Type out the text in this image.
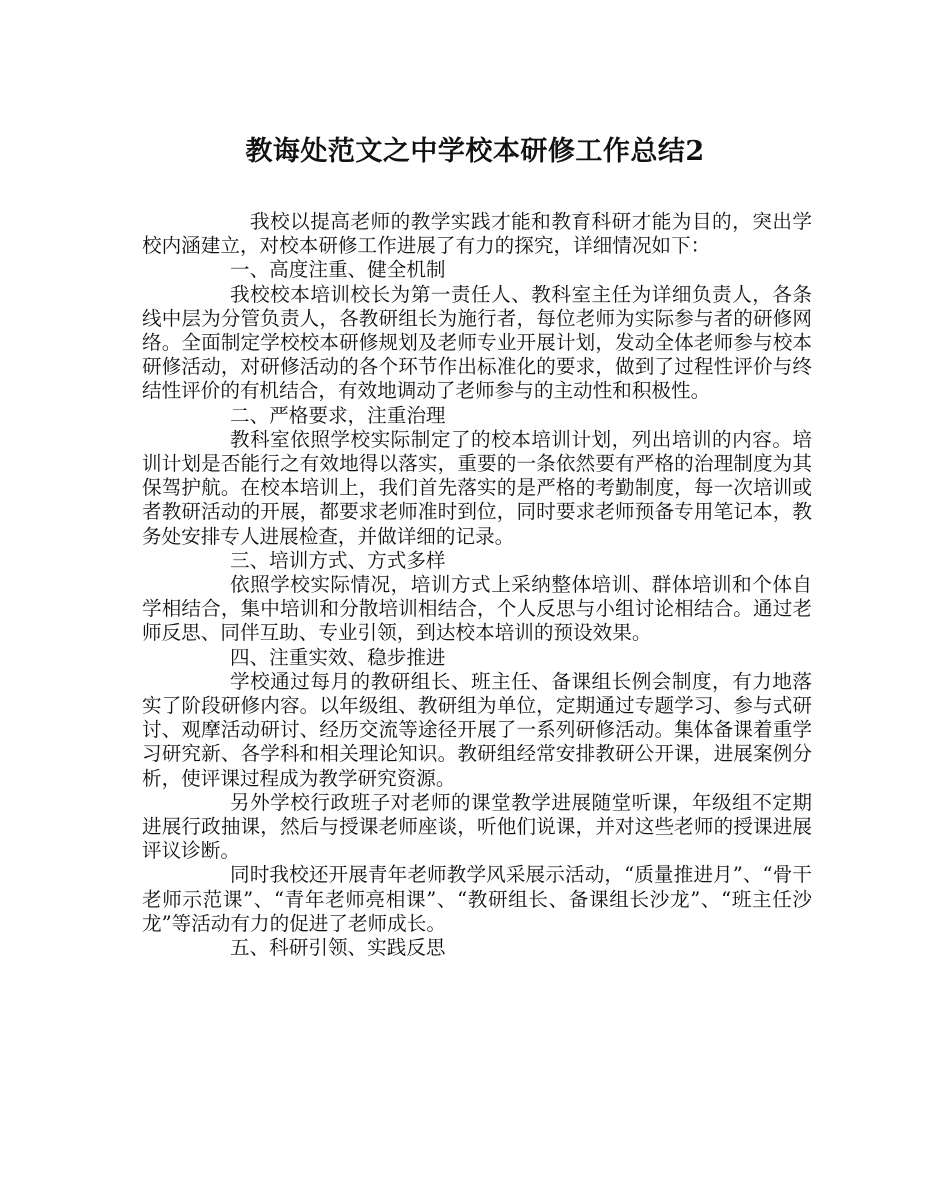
教诲处范文之中学校本研修工作总结2

我校以提高老师的教学实践才能和教育科研才能为目的，突出学校内涵建立，对校本研修工作进展了有力的探究，详细情况如下：

一、高度注重、健全机制

我校校本培训校长为第一责任人、教科室主任为详细负责人，各条线中层为分管负责人，各教研组长为施行者，每位老师为实际参与者的研修网络。全面制定学校校本研修规划及老师专业开展计划，发动全体老师参与校本研修活动，对研修活动的各个环节作出标准化的要求，做到了过程性评价与终结性评价的有机结合，有效地调动了老师参与的主动性和积极性。

二、严格要求，注重治理

教科室依照学校实际制定了的校本培训计划，列出培训的内容。培训计划是否能行之有效地得以落实，重要的一条依然要有严格的治理制度为其保驾护航。在校本培训上，我们首先落实的是严格的考勤制度，每一次培训或者教研活动的开展，都要求老师准时到位，同时要求老师预备专用笔记本，教务处安排专人进展检查，并做详细的记录。

三、培训方式、方式多样

依照学校实际情况，培训方式上采纳整体培训、群体培训和个体自学相结合，集中培训和分散培训相结合，个人反思与小组讨论相结合。通过老师反思、同伴互助、专业引领，到达校本培训的预设效果。

四、注重实效、稳步推进

学校通过每月的教研组长、班主任、备课组长例会制度，有力地落实了阶段研修内容。以年级组、教研组为单位，定期通过专题学习、参与式研讨、观摩活动研讨、经历交流等途径开展了一系列研修活动。集体备课着重学习研究新、各学科和相关理论知识。教研组经常安排教研公开课，进展案例分析，使评课过程成为教学研究资源。

另外学校行政班子对老师的课堂教学进展随堂听课，年级组不定期进展行政抽课，然后与授课老师座谈，听他们说课，并对这些老师的授课进展评议诊断。

同时我校还开展青年老师教学风采展示活动，“质量推进月”、“骨干老师示范课”、“青年老师亮相课”、“教研组长、备课组长沙龙”、“班主任沙龙”等活动有力的促进了老师成长。

五、科研引领、实践反思
